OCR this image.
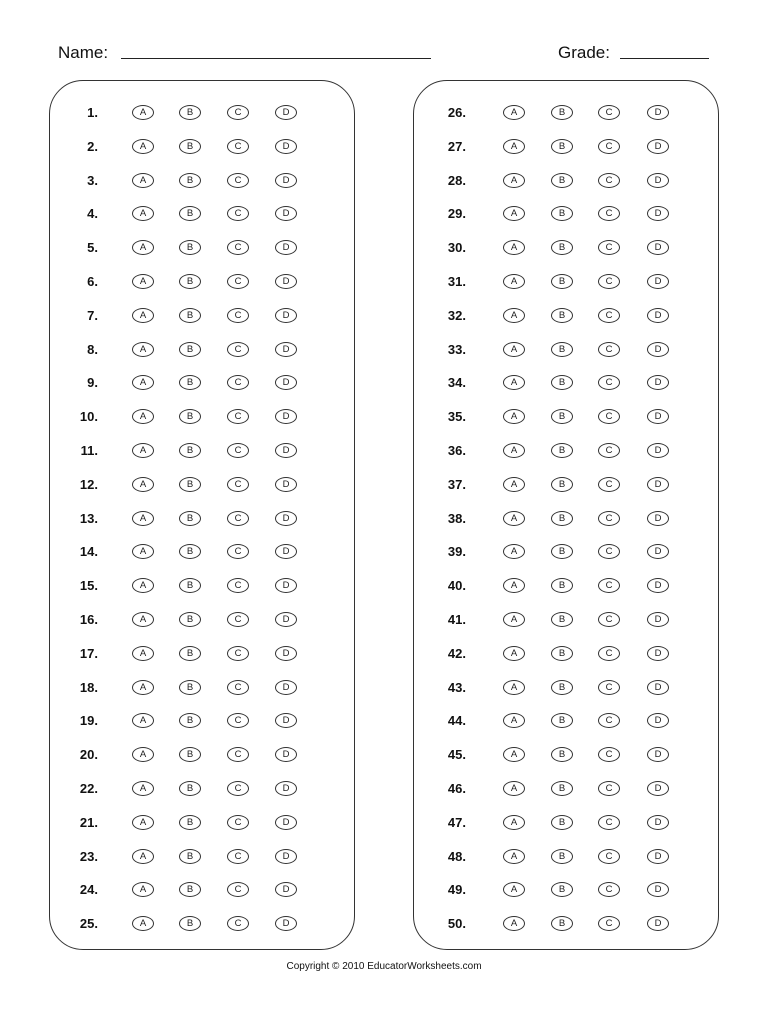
Name:	Grade:
Copyright © 2010 EducatorWorksheets.com
1.	A	B	C	D
2.	A	B	C	D
3.	A	B	C	D
4.	A	B	C	D
5.	A	B	C	D
6.	A	B	C	D
7.	A	B	C	D
8.	A	B	C	D
9.	A	B	C	D
10.	A	B	C	D
11.	A	B	C	D
12.	A	B	C	D
13.	A	B	C	D
14.	A	B	C	D
15.	A	B	C	D
16.	A	B	C	D
17.	A	B	C	D
18.	A	B	C	D
19.	A	B	C	D
20.	A	B	C	D
22.	A	B	C	D
21.	A	B	C	D
23.	A	B	C	D
24.	A	B	C	D
25.	A	B	C	D
26.	A	B	C	D
27.	A	B	C	D
28.	A	B	C	D
29.	A	B	C	D
30.	A	B	C	D
31.	A	B	C	D
32.	A	B	C	D
33.	A	B	C	D
34.	A	B	C	D
35.	A	B	C	D
36.	A	B	C	D
37.	A	B	C	D
38.	A	B	C	D
39.	A	B	C	D
40.	A	B	C	D
41.	A	B	C	D
42.	A	B	C	D
43.	A	B	C	D
44.	A	B	C	D
45.	A	B	C	D
46.	A	B	C	D
47.	A	B	C	D
48.	A	B	C	D
49.	A	B	C	D
50.	A	B	C	D
